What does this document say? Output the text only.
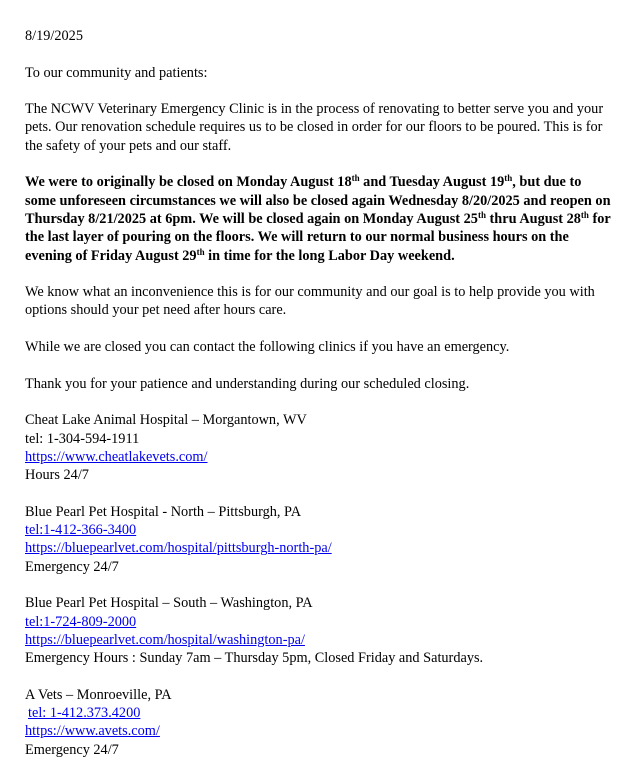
8/19/2025

To our community and patients:

The NCWV Veterinary Emergency Clinic is in the process of renovating to better serve you and your
pets. Our renovation schedule requires us to be closed in order for our floors to be poured. This is for
the safety of your pets and our staff.

We were to originally be closed on Monday August 18th and Tuesday August 19th, but due to
some unforeseen circumstances we will also be closed again Wednesday 8/20/2025 and reopen on
Thursday 8/21/2025 at 6pm. We will be closed again on Monday August 25th thru August 28th for
the last layer of pouring on the floors. We will return to our normal business hours on the
evening of Friday August 29th in time for the long Labor Day weekend.

We know what an inconvenience this is for our community and our goal is to help provide you with
options should your pet need after hours care.

While we are closed you can contact the following clinics if you have an emergency.

Thank you for your patience and understanding during our scheduled closing.

Cheat Lake Animal Hospital – Morgantown, WV
tel: 1-304-594-1911
https://www.cheatlakevets.com/
Hours 24/7
Blue Pearl Pet Hospital - North – Pittsburgh, PA
tel:1-412-366-3400
https://bluepearlvet.com/hospital/pittsburgh-north-pa/
Emergency 24/7
Blue Pearl Pet Hospital – South – Washington, PA
tel:1-724-809-2000
https://bluepearlvet.com/hospital/washington-pa/
Emergency Hours : Sunday 7am – Thursday 5pm, Closed Friday and Saturdays.
A Vets – Monroeville, PA
tel: 1-412.373.4200
https://www.avets.com/
Emergency 24/7
